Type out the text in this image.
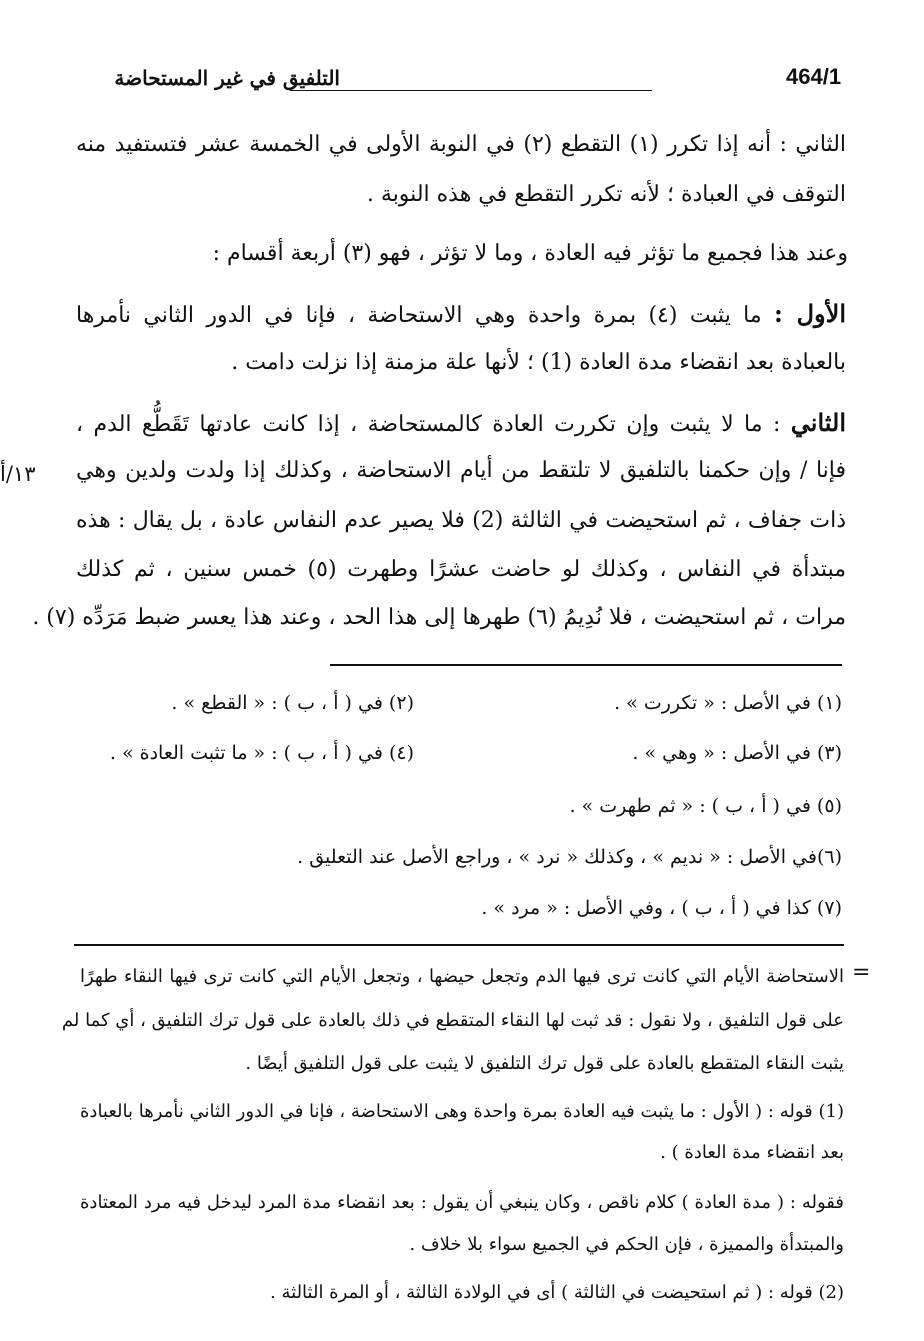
464/1
التلفيق في غير المستحاضة
الثاني : أنه إذا تكرر (١) التقطع (٢) في النوبة الأولى في الخمسة عشر فتستفيد منه
التوقف في العبادة ؛ لأنه تكرر التقطع في هذه النوبة .
وعند هذا فجميع ما تؤثر فيه العادة ، وما لا تؤثر ، فهو (٣) أربعة أقسام :
الأول : ما يثبت (٤) بمرة واحدة وهي الاستحاضة ، فإنا في الدور الثاني نأمرها
بالعبادة بعد انقضاء مدة العادة (1) ؛ لأنها علة مزمنة إذا نزلت دامت .
الثاني : ما لا يثبت وإن تكررت العادة كالمستحاضة ، إذا كانت عادتها تَقَطُّع الدم ،
فإنا / وإن حكمنا بالتلفيق لا تلتقط من أيام الاستحاضة ، وكذلك إذا ولدت ولدين وهي
١٣/أ
ذات جفاف ، ثم استحيضت في الثالثة (2) فلا يصير عدم النفاس عادة ، بل يقال : هذه
مبتدأة في النفاس ، وكذلك لو حاضت عشرًا وطهرت (٥) خمس سنين ، ثم كذلك
مرات ، ثم استحيضت ، فلا نُدِيمُ (٦) طهرها إلى هذا الحد ، وعند هذا يعسر ضبط مَرَدِّه (٧) .
(١) في الأصل : « تكررت » .
(٢) في ( أ ، ب ) : « القطع » .
(٣) في الأصل : « وهي » .
(٤) في ( أ ، ب ) : « ما تثبت العادة » .
(٥) في ( أ ، ب ) : « ثم طهرت » .
(٦)في الأصل : « نديم » ، وكذلك « نرد » ، وراجع الأصل عند التعليق .
(٧) كذا في ( أ ، ب ) ، وفي الأصل : « مرد » .
=
الاستحاضة الأيام التي كانت ترى فيها الدم وتجعل حيضها ، وتجعل الأيام التي كانت ترى فيها النقاء طهرًا
على قول التلفيق ، ولا نقول : قد ثبت لها النقاء المتقطع في ذلك بالعادة على قول ترك التلفيق ، أي كما لم
يثبت النقاء المتقطع بالعادة على قول ترك التلفيق لا يثبت على قول التلفيق أيضًا .
(1) قوله : ( الأول : ما يثبت فيه العادة بمرة واحدة وهى الاستحاضة ، فإنا في الدور الثاني نأمرها بالعبادة
بعد انقضاء مدة العادة ) .
فقوله : ( مدة العادة ) كلام ناقص ، وكان ينبغي أن يقول : بعد انقضاء مدة المرد ليدخل فيه مرد المعتادة
والمبتدأة والمميزة ، فإن الحكم في الجميع سواء بلا خلاف .
(2) قوله : ( ثم استحيضت في الثالثة ) أى في الولادة الثالثة ، أو المرة الثالثة .
